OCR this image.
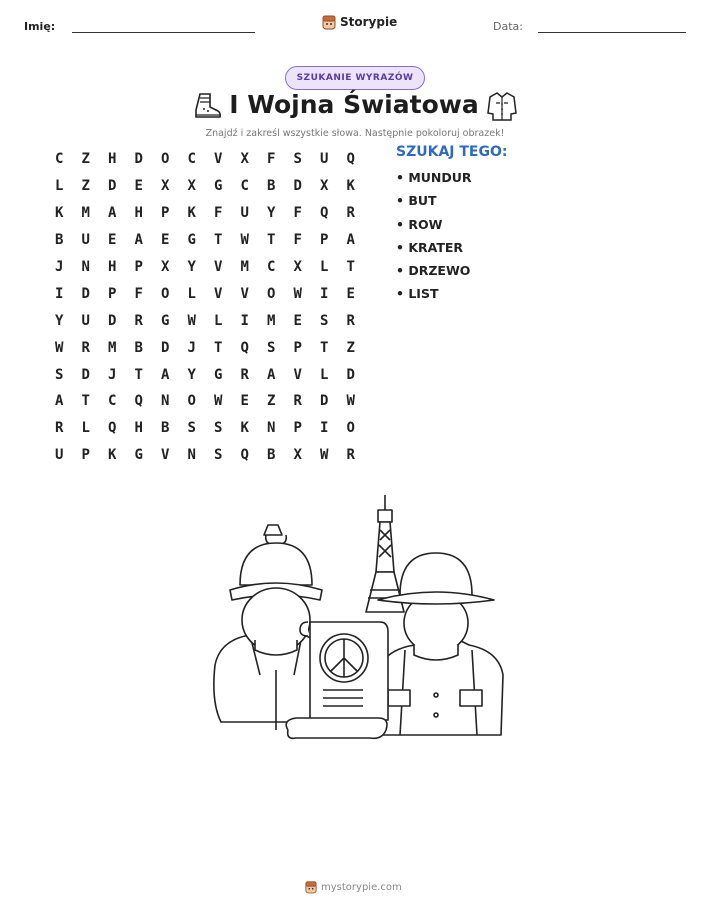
Imię:	Storypie	Data:
SZUKANIE WYRAZÓW
I Wojna Światowa
Znajdź i zakreśl wszystkie słowa. Następnie pokoloruj obrazek!
C	Z	H	D	O	C	V	X	F	S	U	Q
L	Z	D	E	X	X	G	C	B	D	X	K
K	M	A	H	P	K	F	U	Y	F	Q	R
B	U	E	A	E	G	T	W	T	F	P	A
J	N	H	P	X	Y	V	M	C	X	L	T
I	D	P	F	O	L	V	V	O	W	I	E
Y	U	D	R	G	W	L	I	M	E	S	R
W	R	M	B	D	J	T	Q	S	P	T	Z
S	D	J	T	A	Y	G	R	A	V	L	D
A	T	C	Q	N	O	W	E	Z	R	D	W
R	L	Q	H	B	S	S	K	N	P	I	O
U	P	K	G	V	N	S	Q	B	X	W	R
SZUKAJ TEGO:
• MUNDUR
• BUT
• ROW
• KRATER
• DRZEWO
• LIST
mystorypie.com
